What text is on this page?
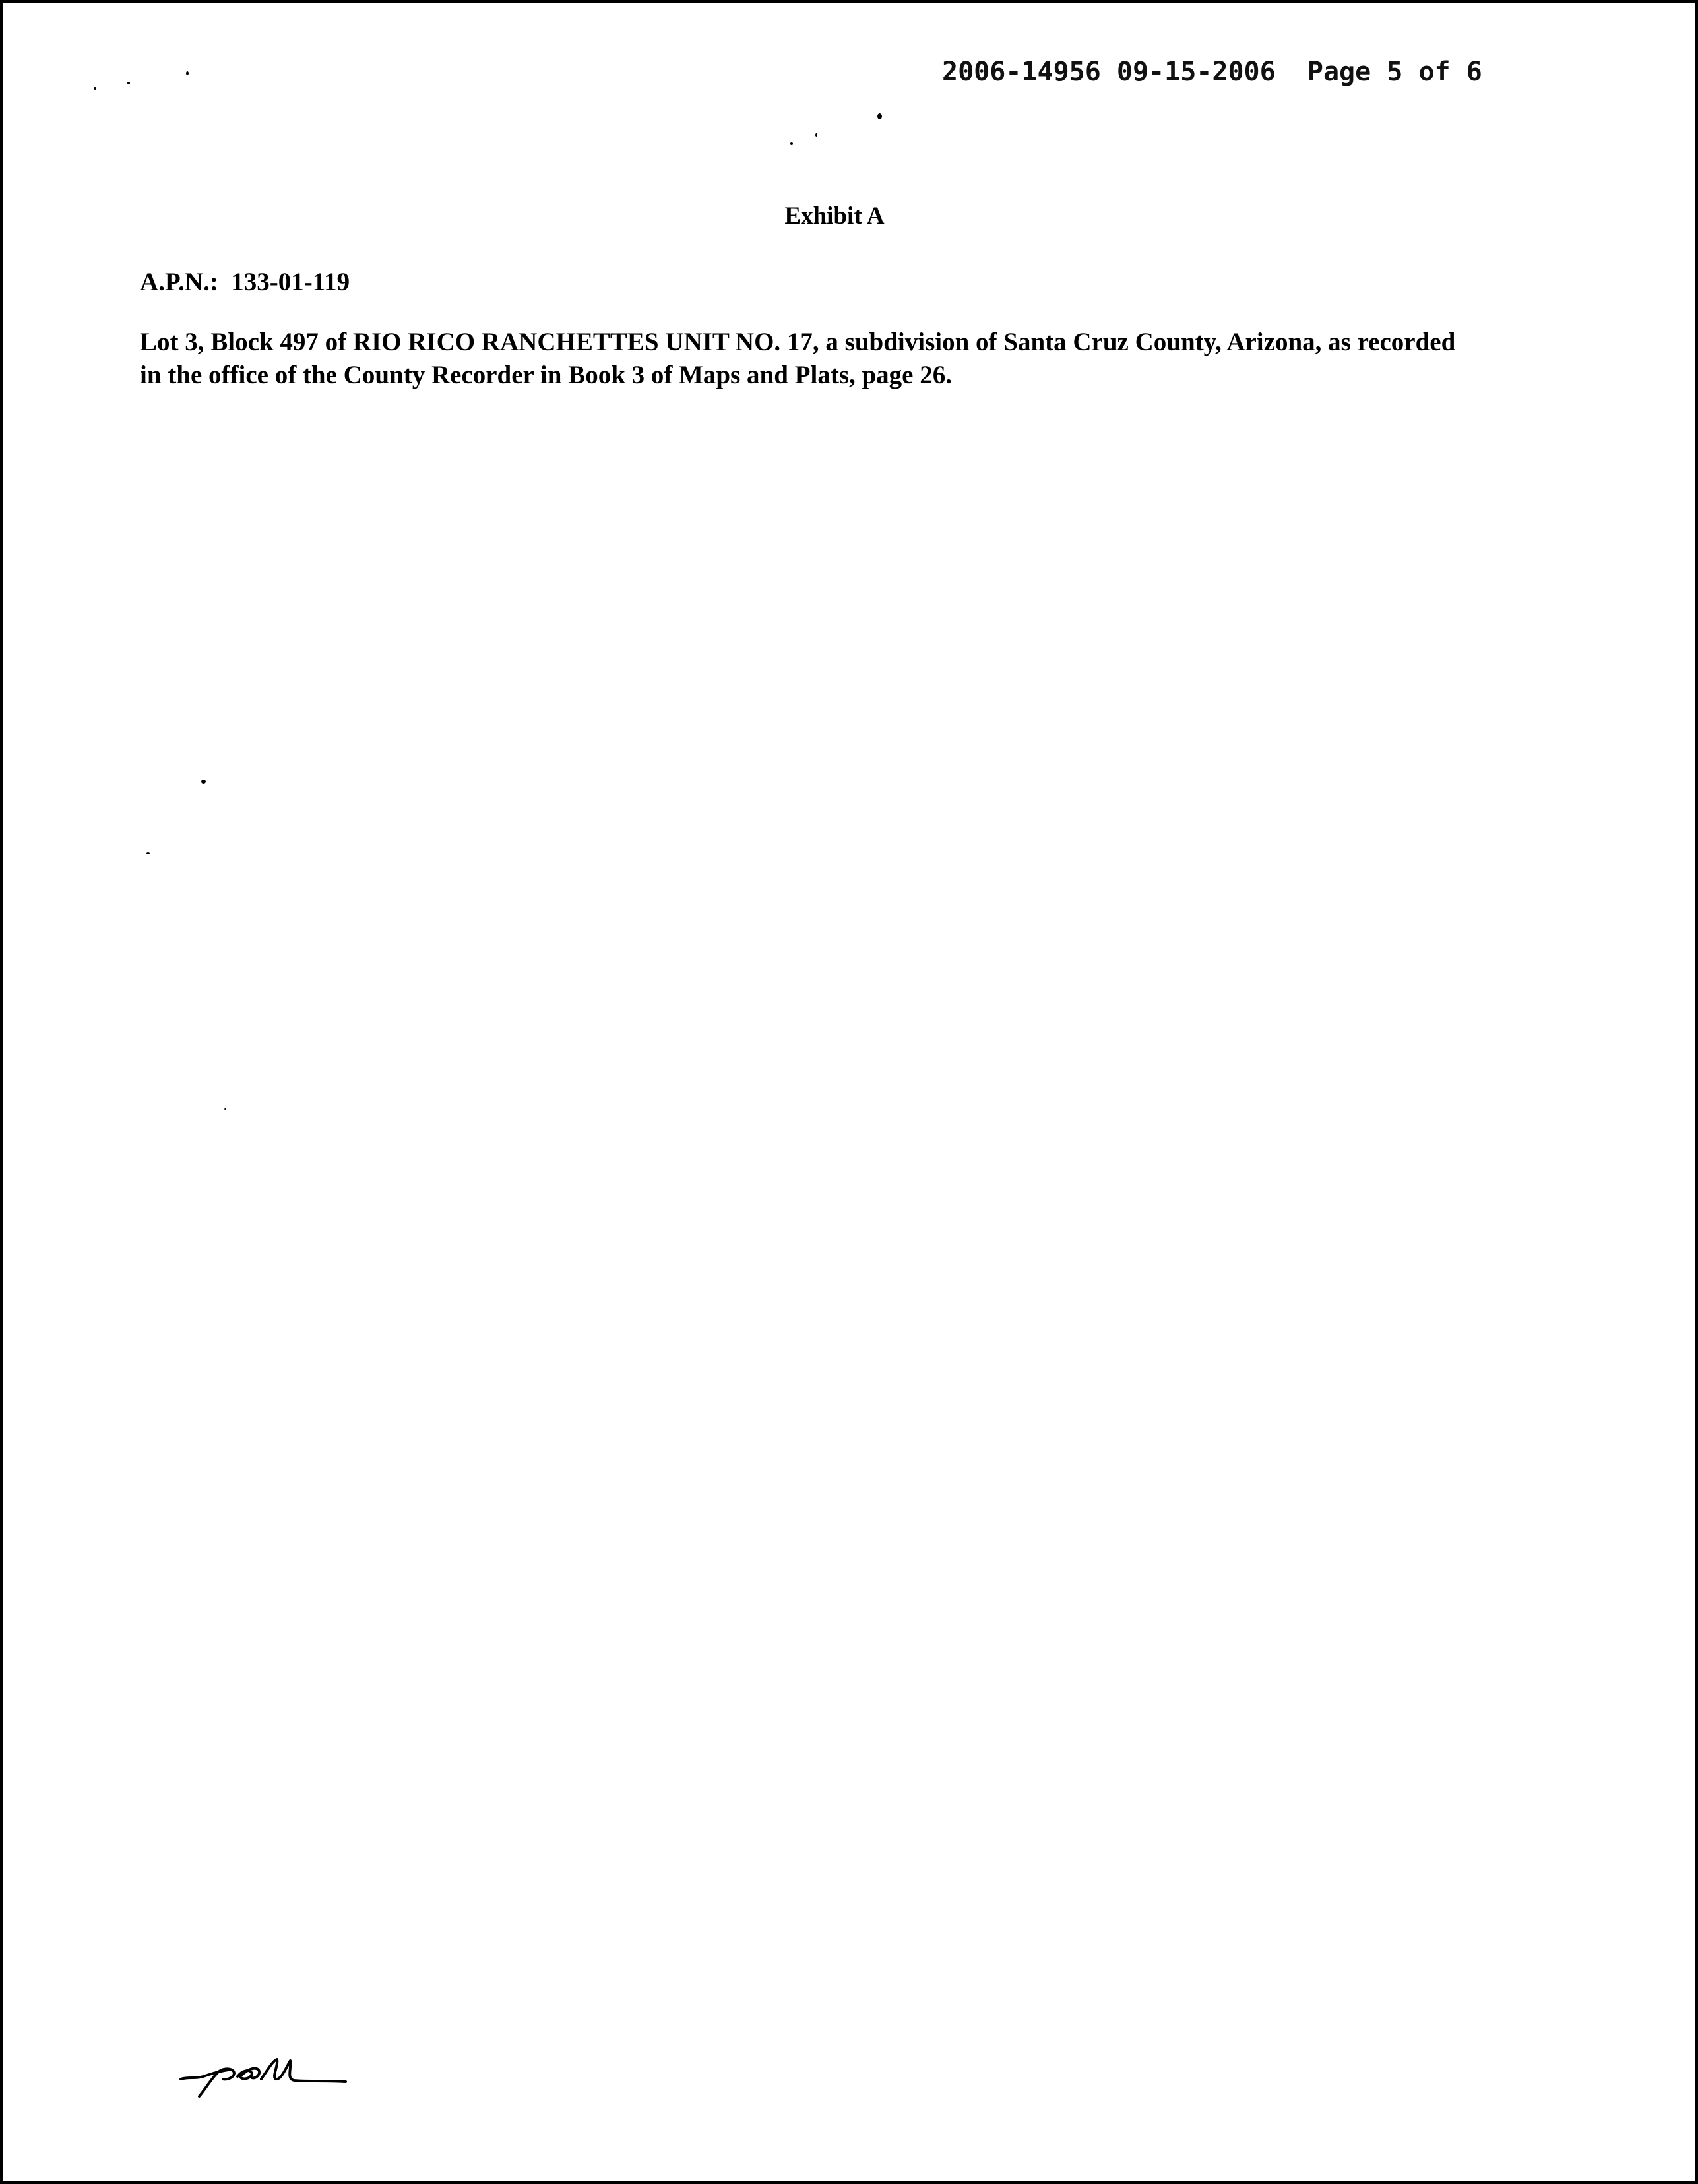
2006-14956 09-15-2006  Page 5 of 6
Exhibit A
A.P.N.:  133-01-119
Lot 3, Block 497 of RIO RICO RANCHETTES UNIT NO. 17, a subdivision of Santa Cruz County, Arizona, as recorded
in the office of the County Recorder in Book 3 of Maps and Plats, page 26.
